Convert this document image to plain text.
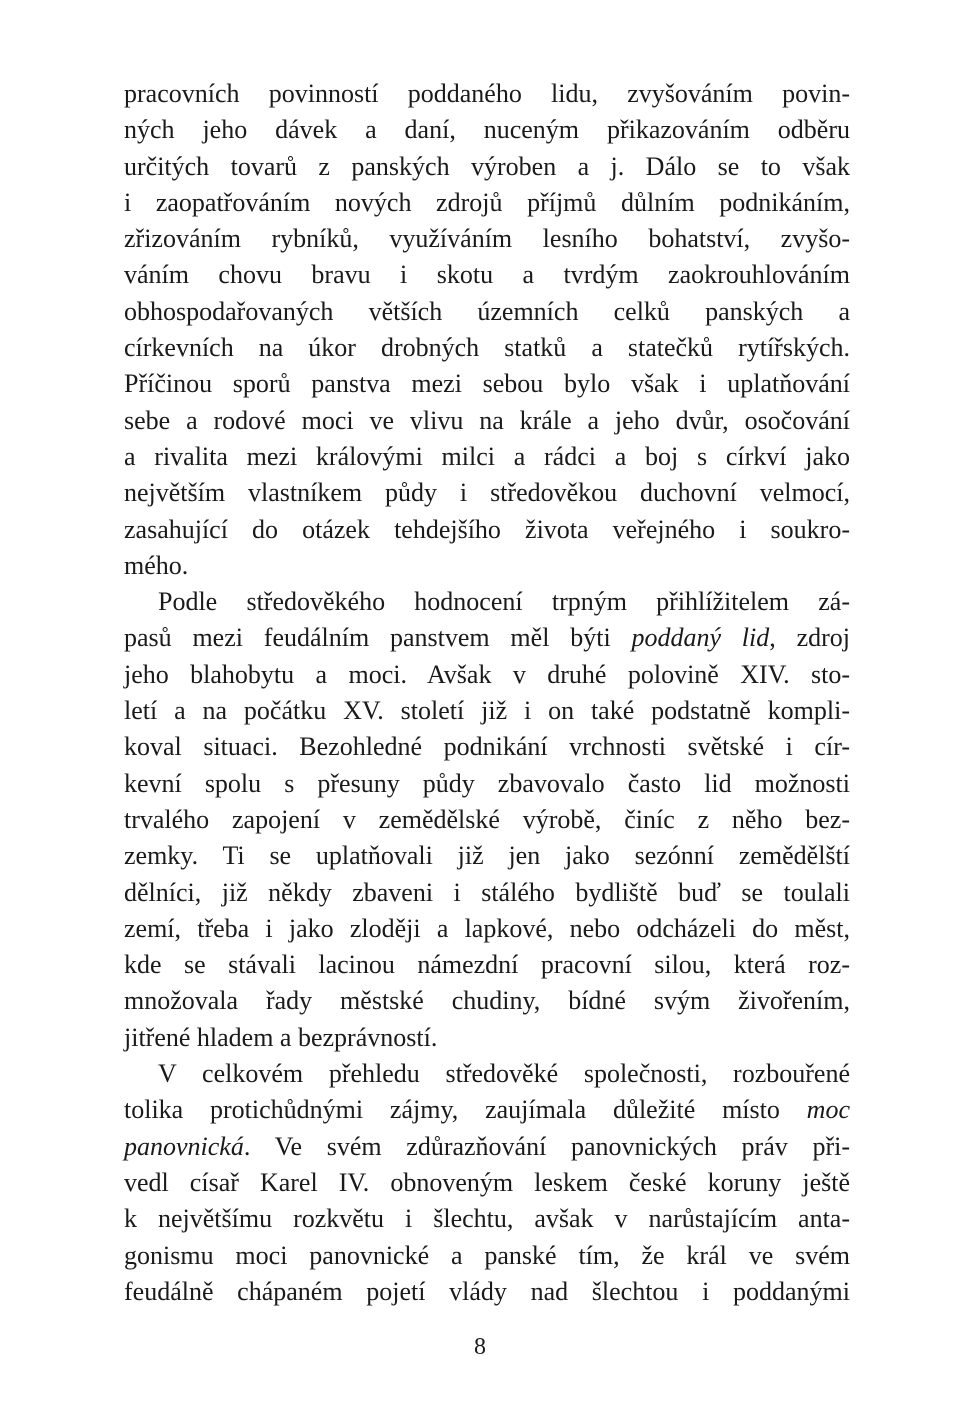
pracovních povinností poddaného lidu, zvyšováním povin-
ných jeho dávek a daní, nuceným přikazováním odběru
určitých tovarů z panských výroben a j. Dálo se to však
i zaopatřováním nových zdrojů příjmů důlním podnikáním,
zřizováním rybníků, využíváním lesního bohatství, zvyšo-
váním chovu bravu i skotu a tvrdým zaokrouhlováním
obhospodařovaných větších územních celků panských a
církevních na úkor drobných statků a statečků rytířských.
Příčinou sporů panstva mezi sebou bylo však i uplatňování
sebe a rodové moci ve vlivu na krále a jeho dvůr, osočování
a rivalita mezi královými milci a rádci a boj s církví jako
největším vlastníkem půdy i středověkou duchovní velmocí,
zasahující do otázek tehdejšího života veřejného i soukro-
mého.
Podle středověkého hodnocení trpným přihlížitelem zá-
pasů mezi feudálním panstvem měl býti poddaný lid, zdroj
jeho blahobytu a moci. Avšak v druhé polovině XIV. sto-
letí a na počátku XV. století již i on také podstatně kompli-
koval situaci. Bezohledné podnikání vrchnosti světské i cír-
kevní spolu s přesuny půdy zbavovalo často lid možnosti
trvalého zapojení v zemědělské výrobě, činíc z něho bez-
zemky. Ti se uplatňovali již jen jako sezónní zemědělští
dělníci, již někdy zbaveni i stálého bydliště buď se toulali
zemí, třeba i jako zloději a lapkové, nebo odcházeli do měst,
kde se stávali lacinou námezdní pracovní silou, která roz-
množovala řady městské chudiny, bídné svým živořením,
jitřené hladem a bezprávností.
V celkovém přehledu středověké společnosti, rozbouřené
tolika protichůdnými zájmy, zaujímala důležité místo moc
panovnická. Ve svém zdůrazňování panovnických práv při-
vedl císař Karel IV. obnoveným leskem české koruny ještě
k největšímu rozkvětu i šlechtu, avšak v narůstajícím anta-
gonismu moci panovnické a panské tím, že král ve svém
feudálně chápaném pojetí vlády nad šlechtou i poddanými
8
